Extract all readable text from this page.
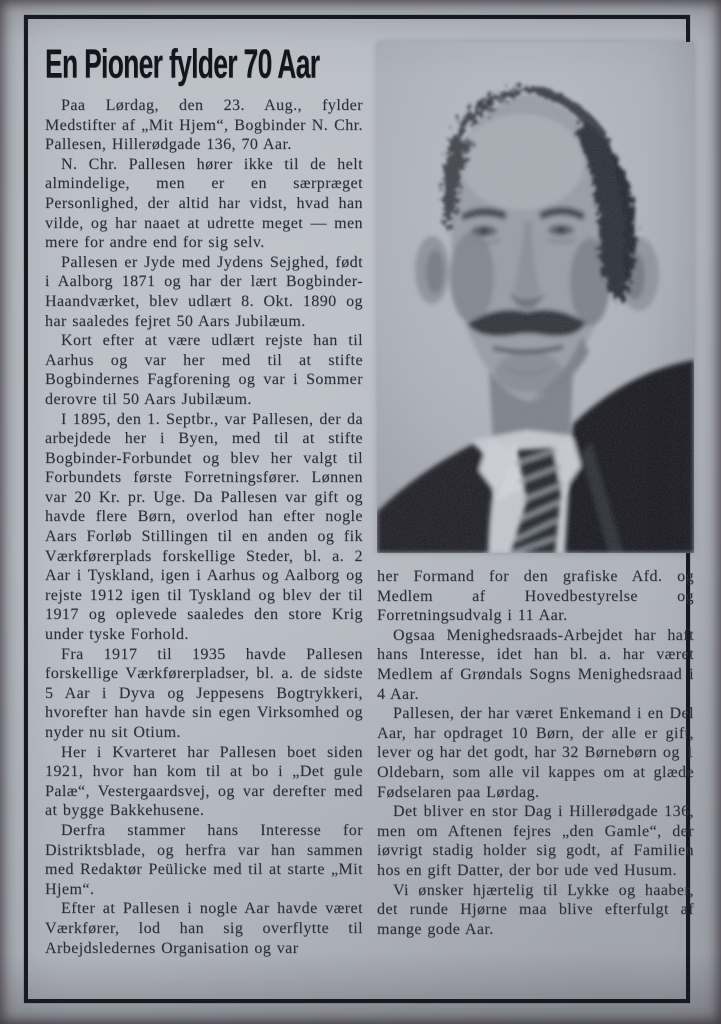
En Pioner fylder 70 Aar

Paa Lørdag, den 23. Aug., fylder Medstifter af „Mit Hjem“, Bogbinder N. Chr. Pallesen, Hillerødgade 136, 70 Aar.

N. Chr. Pallesen hører ikke til de helt almindelige, men er en særpræget Personlighed, der altid har vidst, hvad han vilde, og har naaet at udrette meget — men mere for andre end for sig selv.

Pallesen er Jyde med Jydens Sejghed, født i Aalborg 1871 og har der lært Bogbinder-Haandværket, blev udlært 8. Okt. 1890 og har saaledes fejret 50 Aars Jubilæum.

Kort efter at være udlært rejste han til Aarhus og var her med til at stifte Bogbindernes Fagforening og var i Sommer derovre til 50 Aars Jubilæum.

I 1895, den 1. Septbr., var Pallesen, der da arbejdede her i Byen, med til at stifte Bogbinder-Forbundet og blev her valgt til Forbundets første Forretningsfører. Lønnen var 20 Kr. pr. Uge. Da Pallesen var gift og havde flere Børn, overlod han efter nogle Aars Forløb Stillingen til en anden og fik Værkførerplads forskellige Steder, bl. a. 2 Aar i Tyskland, igen i Aarhus og Aalborg og rejste 1912 igen til Tyskland og blev der til 1917 og oplevede saaledes den store Krig under tyske Forhold.

Fra 1917 til 1935 havde Pallesen forskellige Værkførerpladser, bl. a. de sidste 5 Aar i Dyva og Jeppesens Bogtrykkeri, hvorefter han havde sin egen Virksomhed og nyder nu sit Otium.

Her i Kvarteret har Pallesen boet siden 1921, hvor han kom til at bo i „Det gule Palæ“, Vestergaardsvej, og var derefter med at bygge Bakkehusene.

Derfra stammer hans Interesse for Distriktsblade, og herfra var han sammen med Redaktør Peülicke med til at starte „Mit Hjem“.

Efter at Pallesen i nogle Aar havde været Værkfører, lod han sig overflytte til Arbejdsledernes Organisation og var

her Formand for den grafiske Afd. og Medlem af Hovedbestyrelse og Forretningsudvalg i 11 Aar.

Ogsaa Menighedsraads-Arbejdet har haft hans Interesse, idet han bl. a. har været Medlem af Grøndals Sogns Menighedsraad i 4 Aar.

Pallesen, der har været Enkemand i en Del Aar, har opdraget 10 Børn, der alle er gift, lever og har det godt, har 32 Børnebørn og 1 Oldebarn, som alle vil kappes om at glæde Fødselaren paa Lørdag.

Det bliver en stor Dag i Hillerødgade 136, men om Aftenen fejres „den Gamle“, der iøvrigt stadig holder sig godt, af Familien hos en gift Datter, der bor ude ved Husum.

Vi ønsker hjærtelig til Lykke og haaber, det runde Hjørne maa blive efterfulgt af mange gode Aar.
